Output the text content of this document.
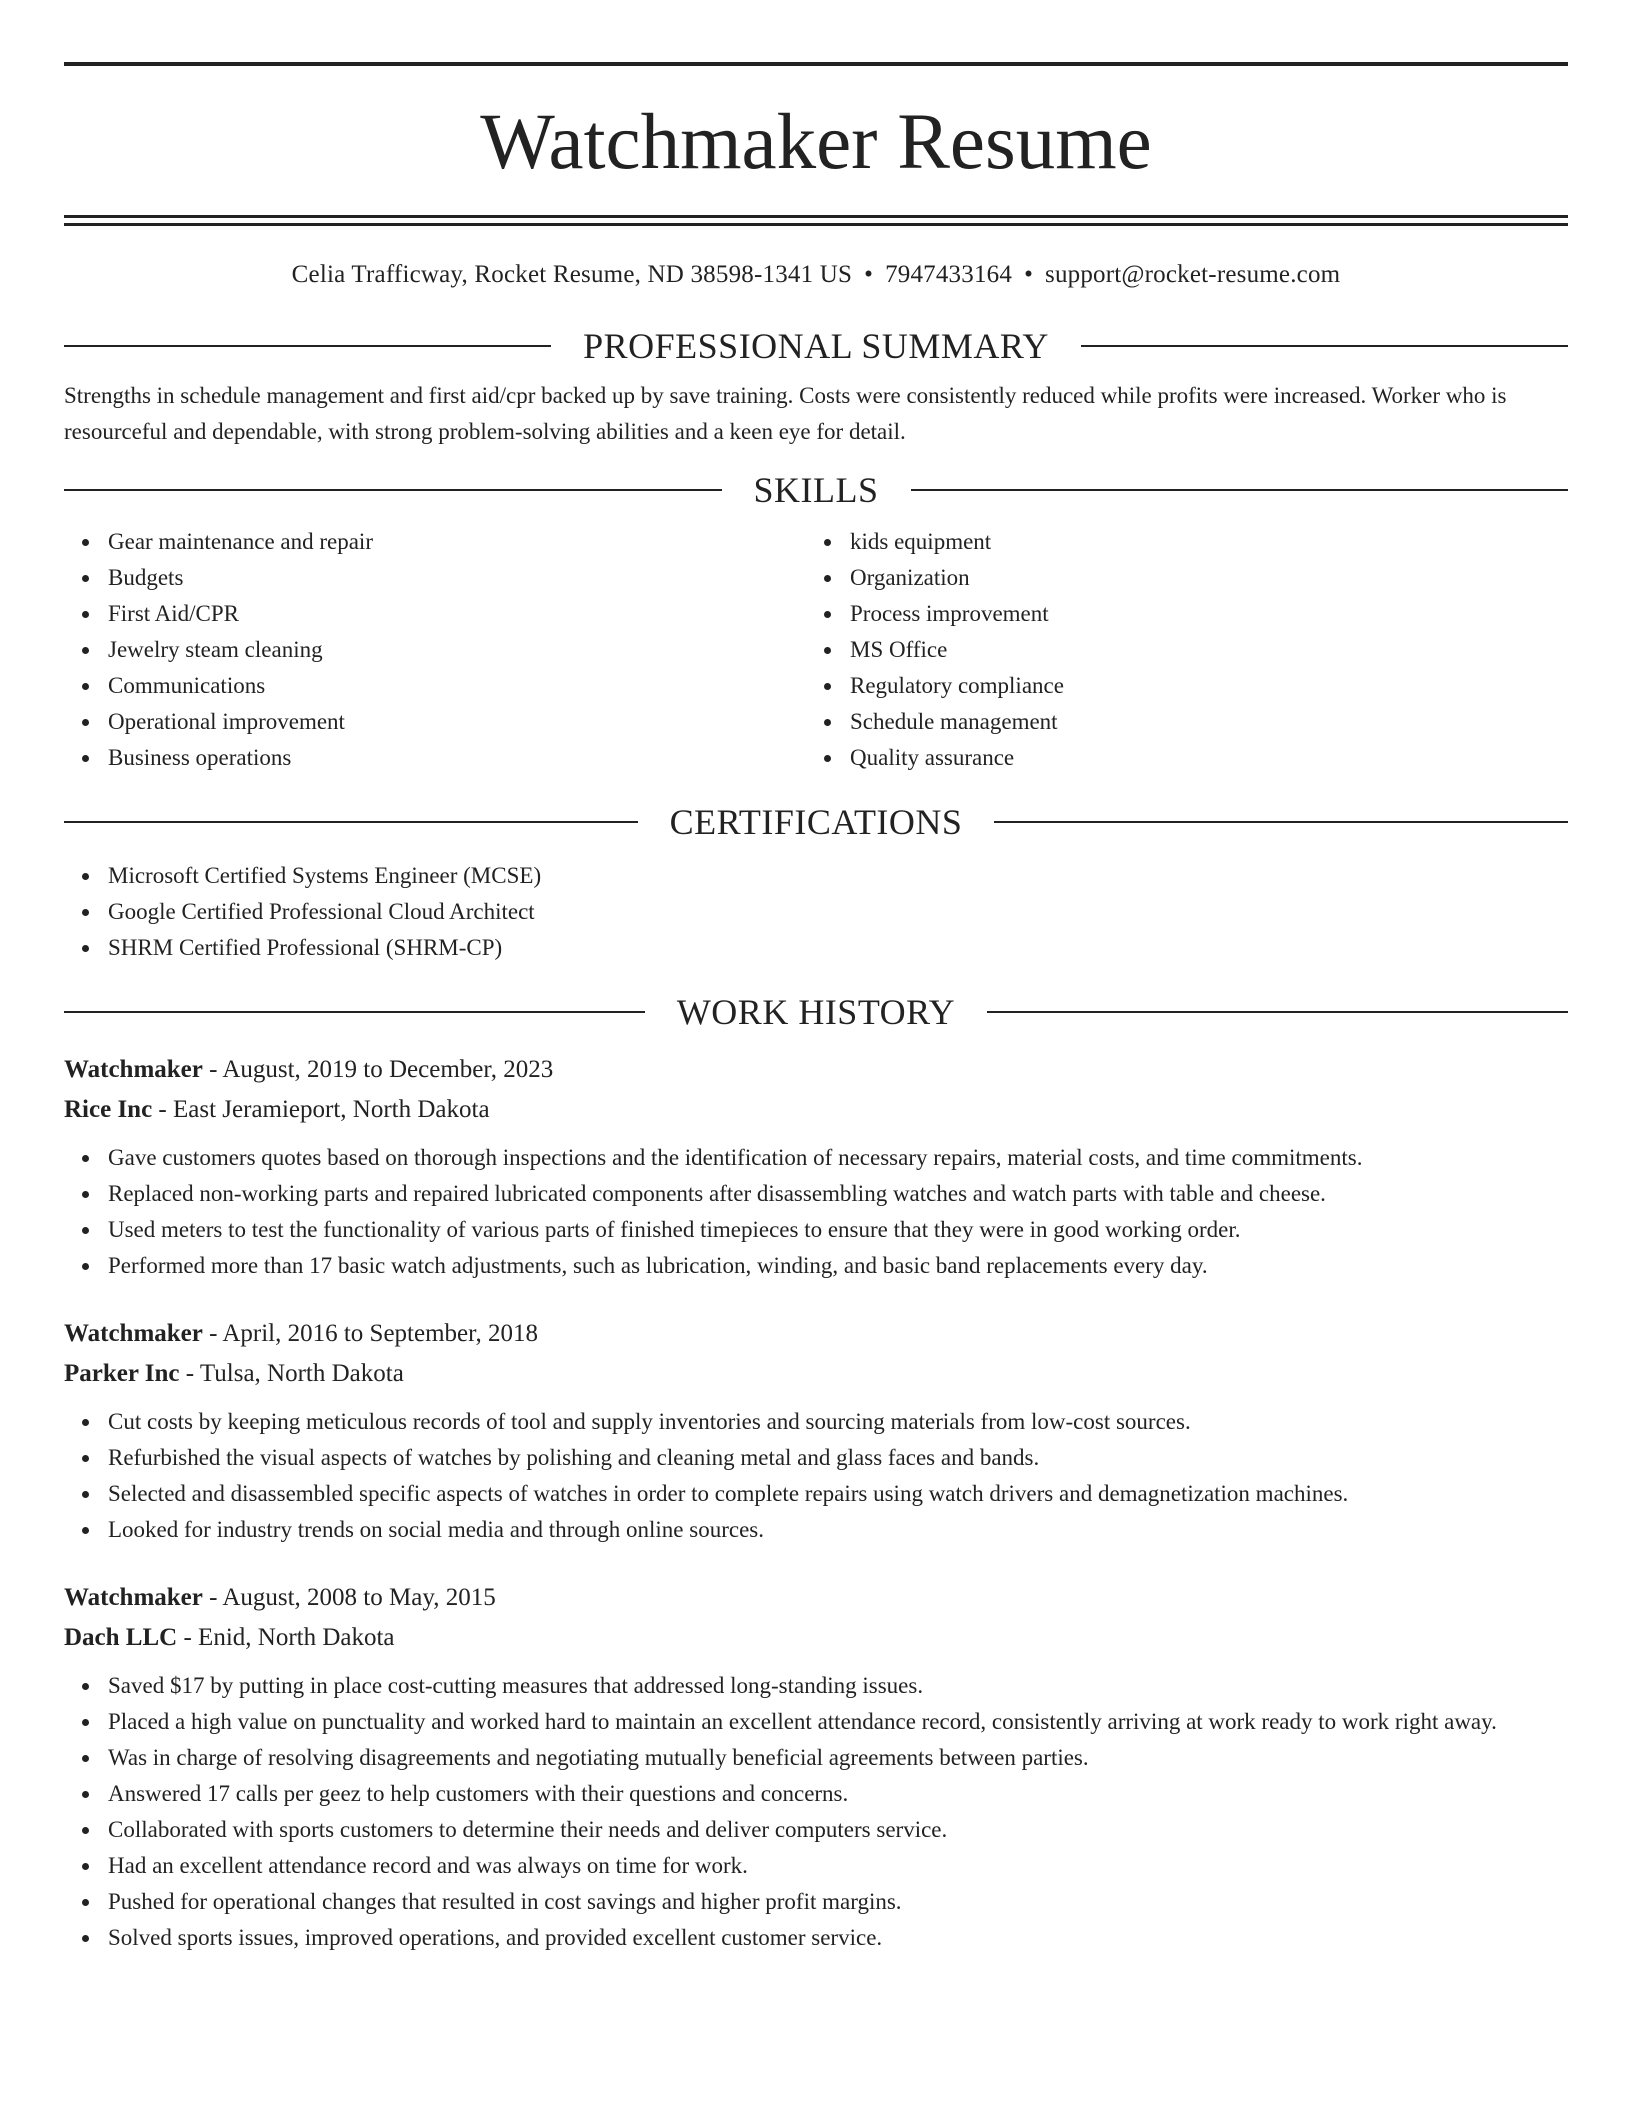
Watchmaker Resume
Celia Trafficway, Rocket Resume, ND 38598-1341 US • 7947433164 • support@rocket-resume.com
PROFESSIONAL SUMMARY

Strengths in schedule management and first aid/cpr backed up by save training. Costs were consistently reduced while profits were increased. Worker who is resourceful and dependable, with strong problem-solving abilities and a keen eye for detail.

SKILLS
Gear maintenance and repair
Budgets
First Aid/CPR
Jewelry steam cleaning
Communications
Operational improvement
Business operations
kids equipment
Organization
Process improvement
MS Office
Regulatory compliance
Schedule management
Quality assurance
CERTIFICATIONS
Microsoft Certified Systems Engineer (MCSE)
Google Certified Professional Cloud Architect
SHRM Certified Professional (SHRM-CP)
WORK HISTORY
Watchmaker - August, 2019 to December, 2023
Rice Inc - East Jeramieport, North Dakota
Gave customers quotes based on thorough inspections and the identification of necessary repairs, material costs, and time commitments.
Replaced non-working parts and repaired lubricated components after disassembling watches and watch parts with table and cheese.
Used meters to test the functionality of various parts of finished timepieces to ensure that they were in good working order.
Performed more than 17 basic watch adjustments, such as lubrication, winding, and basic band replacements every day.
Watchmaker - April, 2016 to September, 2018
Parker Inc - Tulsa, North Dakota
Cut costs by keeping meticulous records of tool and supply inventories and sourcing materials from low-cost sources.
Refurbished the visual aspects of watches by polishing and cleaning metal and glass faces and bands.
Selected and disassembled specific aspects of watches in order to complete repairs using watch drivers and demagnetization machines.
Looked for industry trends on social media and through online sources.
Watchmaker - August, 2008 to May, 2015
Dach LLC - Enid, North Dakota
Saved $17 by putting in place cost-cutting measures that addressed long-standing issues.
Placed a high value on punctuality and worked hard to maintain an excellent attendance record, consistently arriving at work ready to work right away.
Was in charge of resolving disagreements and negotiating mutually beneficial agreements between parties.
Answered 17 calls per geez to help customers with their questions and concerns.
Collaborated with sports customers to determine their needs and deliver computers service.
Had an excellent attendance record and was always on time for work.
Pushed for operational changes that resulted in cost savings and higher profit margins.
Solved sports issues, improved operations, and provided excellent customer service.
